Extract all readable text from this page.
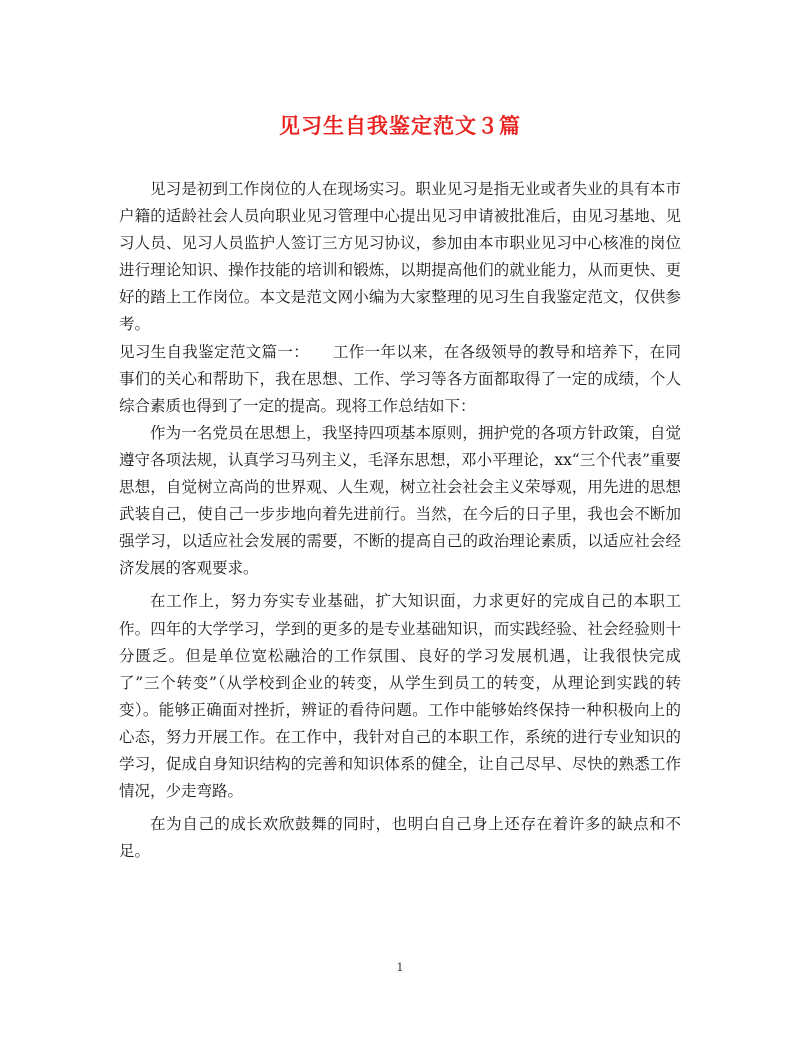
见习生自我鉴定范文３篇

见习是初到工作岗位的人在现场实习。职业见习是指无业或者失业的具有本市户籍的适龄社会人员向职业见习管理中心提出见习申请被批准后，由见习基地、见习人员、见习人员监护人签订三方见习协议，参加由本市职业见习中心核准的岗位进行理论知识、操作技能的培训和锻炼，以期提高他们的就业能力，从而更快、更好的踏上工作岗位。本文是范文网小编为大家整理的见习生自我鉴定范文，仅供参考。

见习生自我鉴定范文篇一：　　工作一年以来，在各级领导的教导和培养下，在同事们的关心和帮助下，我在思想、工作、学习等各方面都取得了一定的成绩，个人综合素质也得到了一定的提高。现将工作总结如下：

作为一名党员在思想上，我坚持四项基本原则，拥护党的各项方针政策，自觉遵守各项法规，认真学习马列主义，毛泽东思想，邓小平理论，xx“三个代表”重要思想，自觉树立高尚的世界观、人生观，树立社会社会主义荣辱观，用先进的思想武装自己，使自己一步步地向着先进前行。当然，在今后的日子里，我也会不断加强学习，以适应社会发展的需要，不断的提高自己的政治理论素质，以适应社会经济发展的客观要求。

在工作上，努力夯实专业基础，扩大知识面，力求更好的完成自己的本职工作。四年的大学学习，学到的更多的是专业基础知识，而实践经验、社会经验则十分匮乏。但是单位宽松融洽的工作氛围、良好的学习发展机遇，让我很快完成了”三个转变”（从学校到企业的转变，从学生到员工的转变，从理论到实践的转变）。能够正确面对挫折，辨证的看待问题。工作中能够始终保持一种积极向上的心态，努力开展工作。在工作中，我针对自己的本职工作，系统的进行专业知识的学习，促成自身知识结构的完善和知识体系的健全，让自己尽早、尽快的熟悉工作情况，少走弯路。

在为自己的成长欢欣鼓舞的同时，也明白自己身上还存在着许多的缺点和不足。

1
